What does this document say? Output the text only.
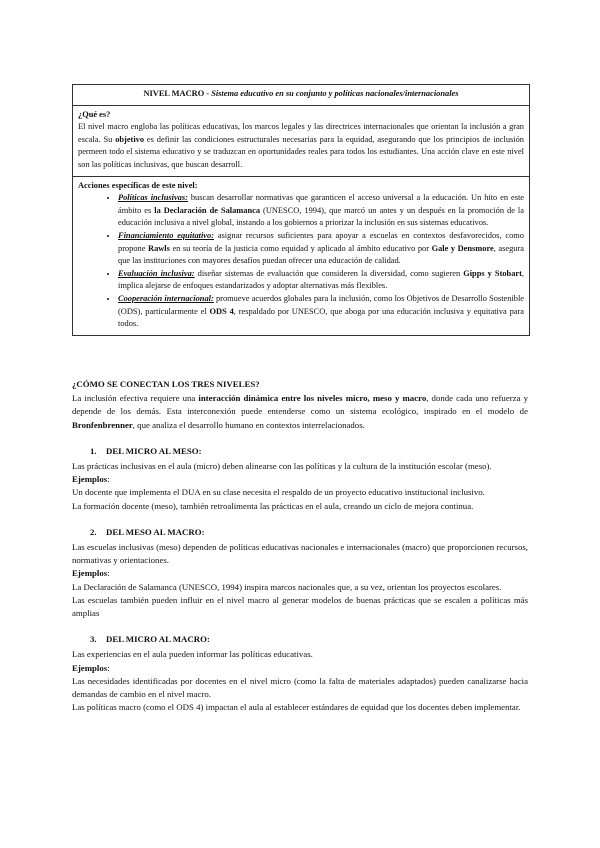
NIVEL MACRO - Sistema educativo en su conjunto y políticas nacionales/internacionales
¿Qué es?
El nivel macro engloba las políticas educativas, los marcos legales y las directrices internacionales que orientan la inclusión a gran escala. Su objetivo es definir las condiciones estructurales necesarias para la equidad, asegurando que los principios de inclusión permeen todo el sistema educativo y se traduzcan en oportunidades reales para todos los estudiantes. Una acción clave en este nivel son las políticas inclusivas, que buscan desarroll.
Acciones específicas de este nivel:
• Políticas inclusivas: buscan desarrollar normativas que garanticen el acceso universal a la educación. Un hito en este ámbito es la Declaración de Salamanca (UNESCO, 1994), que marcó un antes y un después en la promoción de la educación inclusiva a nivel global, instando a los gobiernos a priorizar la inclusión en sus sistemas educativos.
• Financiamiento equitativo: asignar recursos suficientes para apoyar a escuelas en contextos desfavorecidos, como propone Rawls en su teoría de la justicia como equidad y aplicado al ámbito educativo por Gale y Densmore, asegura que las instituciones con mayores desafíos puedan ofrecer una educación de calidad.
• Evaluación inclusiva: diseñar sistemas de evaluación que consideren la diversidad, como sugieren Gipps y Stobart, implica alejarse de enfoques estandarizados y adoptar alternativas más flexibles.
• Cooperación internacional: promueve acuerdos globales para la inclusión, como los Objetivos de Desarrollo Sostenible (ODS), particularmente el ODS 4, respaldado por UNESCO, que aboga por una educación inclusiva y equitativa para todos.
¿CÓMO SE CONECTAN LOS TRES NIVELES?

La inclusión efectiva requiere una interacción dinámica entre los niveles micro, meso y macro, donde cada uno refuerza y depende de los demás. Esta interconexión puede entenderse como un sistema ecológico, inspirado en el modelo de Bronfenbrenner, que analiza el desarrollo humano en contextos interrelacionados.

1. DEL MICRO AL MESO:

Las prácticas inclusivas en el aula (micro) deben alinearse con las políticas y la cultura de la institución escolar (meso).

Ejemplos:

Un docente que implementa el DUA en su clase necesita el respaldo de un proyecto educativo institucional inclusivo.

La formación docente (meso), también retroalimenta las prácticas en el aula, creando un ciclo de mejora continua.

2. DEL MESO AL MACRO:

Las escuelas inclusivas (meso) dependen de políticas educativas nacionales e internacionales (macro) que proporcionen recursos, normativas y orientaciones.

Ejemplos:

La Declaración de Salamanca (UNESCO, 1994) inspira marcos nacionales que, a su vez, orientan los proyectos escolares.

Las escuelas también pueden influir en el nivel macro al generar modelos de buenas prácticas que se escalen a políticas más amplias

3. DEL MICRO AL MACRO:

Las experiencias en el aula pueden informar las políticas educativas.

Ejemplos:

Las necesidades identificadas por docentes en el nivel micro (como la falta de materiales adaptados) pueden canalizarse hacia demandas de cambio en el nivel macro.

Las políticas macro (como el ODS 4) impactan el aula al establecer estándares de equidad que los docentes deben implementar.
